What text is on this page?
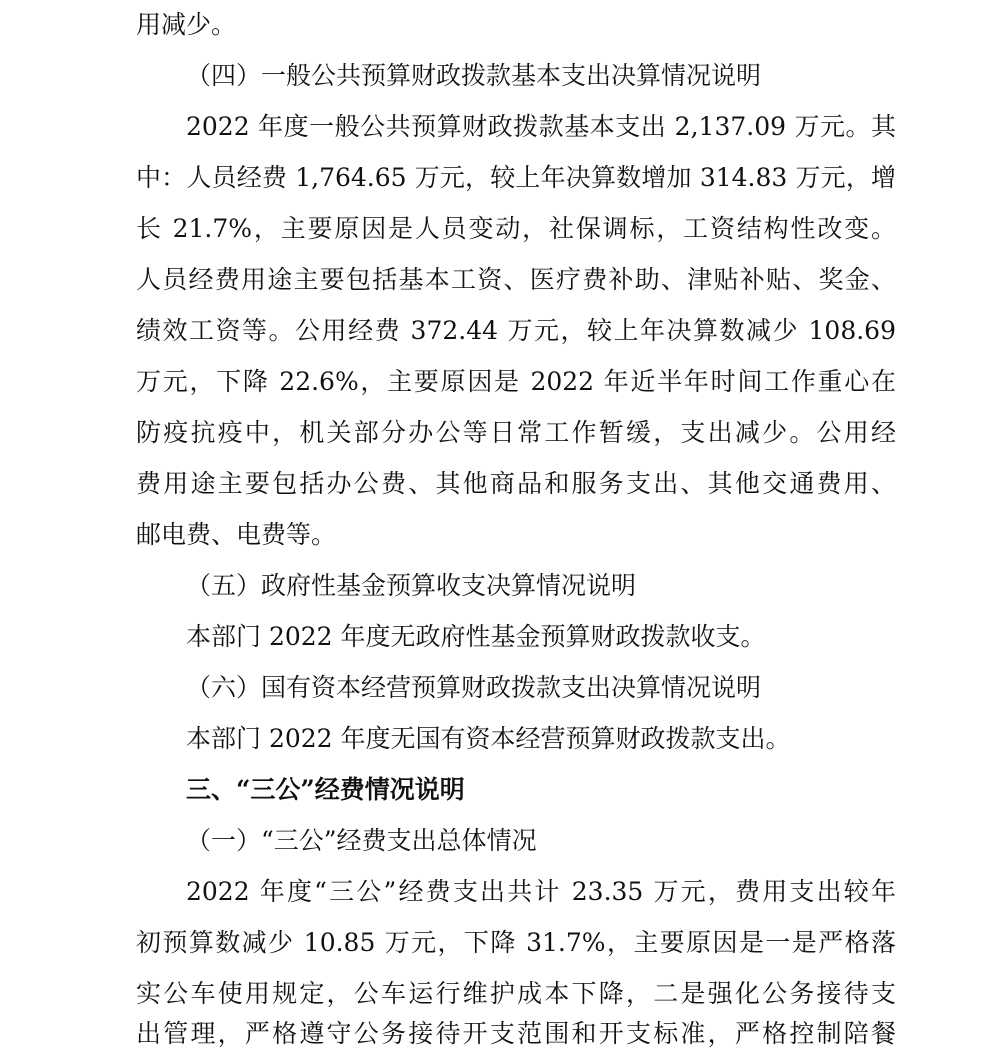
用减少。
（四）一般公共预算财政拨款基本支出决算情况说明
2022 年度一般公共预算财政拨款基本支出 2,137.09 万元。其
中：人员经费 1,764.65 万元，较上年决算数增加 314.83 万元，增
长 21.7%，主要原因是人员变动，社保调标，工资结构性改变。
人员经费用途主要包括基本工资、医疗费补助、津贴补贴、奖金、
绩效工资等。公用经费 372.44 万元，较上年决算数减少 108.69
万元，下降 22.6%，主要原因是 2022 年近半年时间工作重心在
防疫抗疫中，机关部分办公等日常工作暂缓，支出减少。公用经
费用途主要包括办公费、其他商品和服务支出、其他交通费用、
邮电费、电费等。
（五）政府性基金预算收支决算情况说明
本部门 2022 年度无政府性基金预算财政拨款收支。
（六）国有资本经营预算财政拨款支出决算情况说明
本部门 2022 年度无国有资本经营预算财政拨款支出。
三、“三公”经费情况说明
（一）“三公”经费支出总体情况
2022 年度“三公”经费支出共计 23.35 万元，费用支出较年
初预算数减少 10.85 万元，下降 31.7%，主要原因是一是严格落
实公车使用规定，公车运行维护成本下降，二是强化公务接待支
出管理，严格遵守公务接待开支范围和开支标准，严格控制陪餐
